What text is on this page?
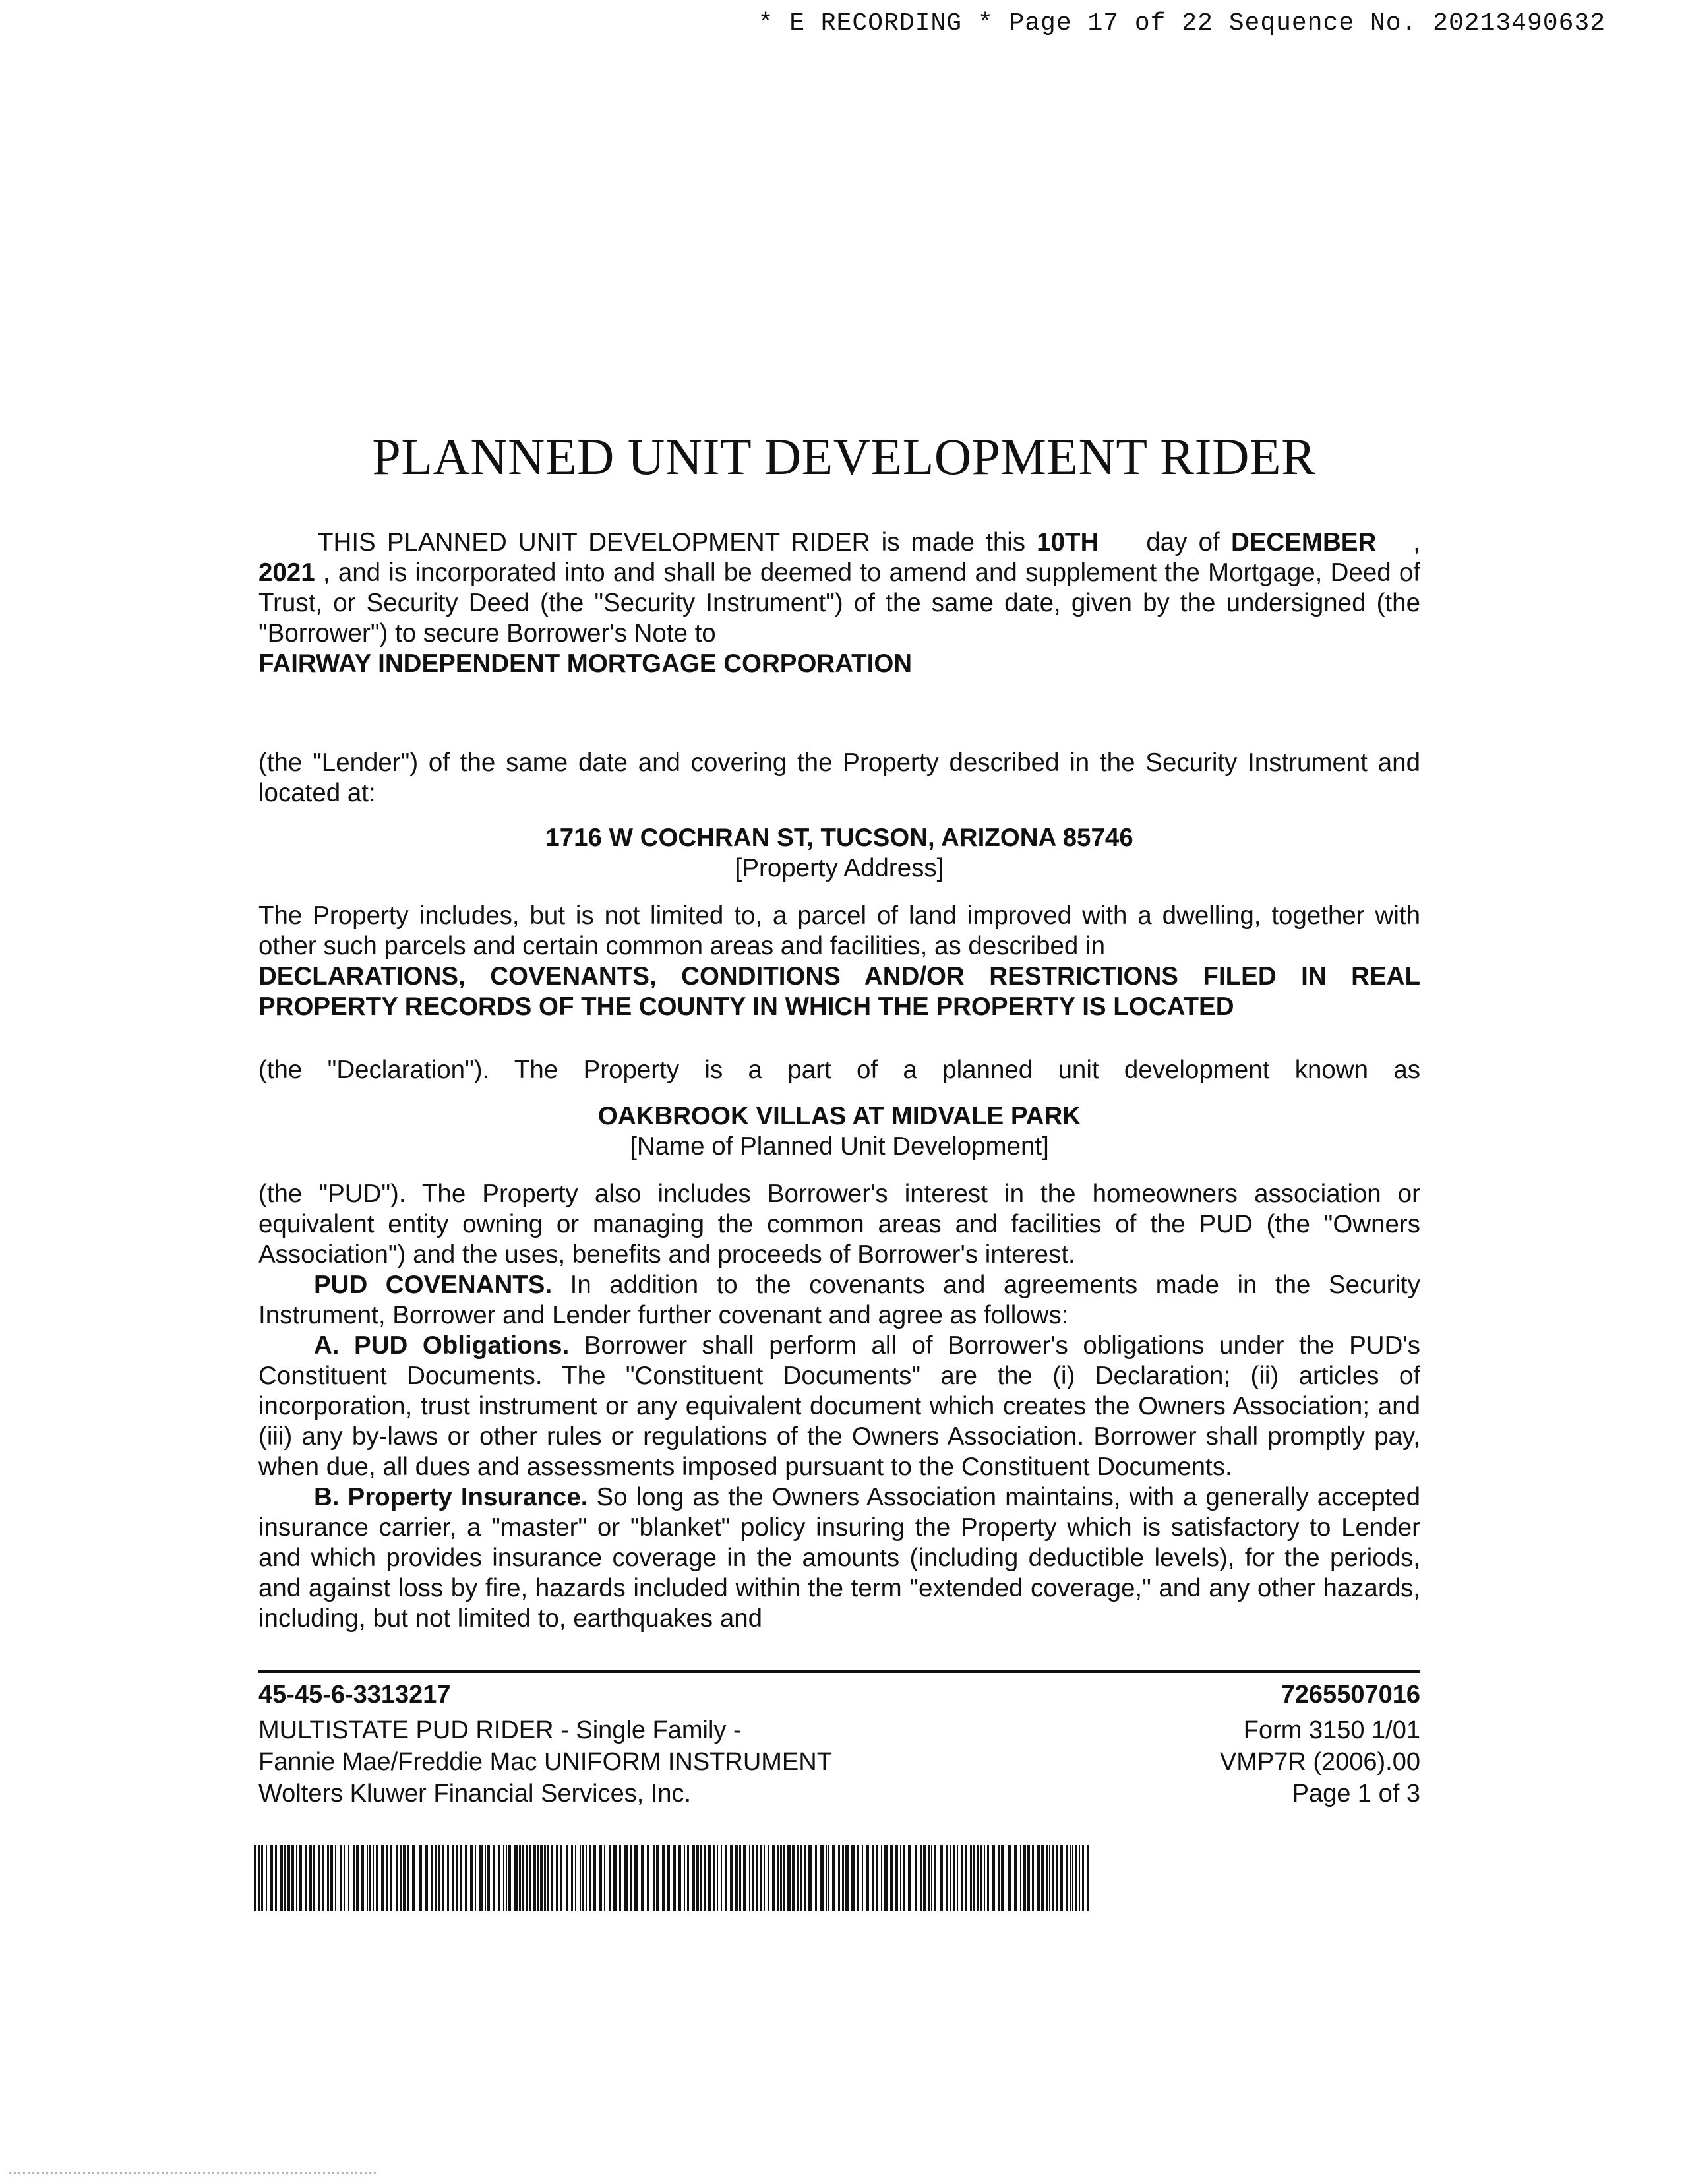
* E RECORDING * Page 17 of 22 Sequence No. 20213490632
PLANNED UNIT DEVELOPMENT RIDER

THIS PLANNED UNIT DEVELOPMENT RIDER is made this 10TH day of DECEMBER , 2021 , and is incorporated into and shall be deemed to amend and supplement the Mortgage, Deed of Trust, or Security Deed (the "Security Instrument") of the same date, given by the undersigned (the "Borrower") to secure Borrower's Note to

FAIRWAY INDEPENDENT MORTGAGE CORPORATION

(the "Lender") of the same date and covering the Property described in the Security Instrument and located at:

1716 W COCHRAN ST, TUCSON, ARIZONA 85746

[Property Address]

The Property includes, but is not limited to, a parcel of land improved with a dwelling, together with other such parcels and certain common areas and facilities, as described in

DECLARATIONS, COVENANTS, CONDITIONS AND/OR RESTRICTIONS FILED IN REAL
PROPERTY RECORDS OF THE COUNTY IN WHICH THE PROPERTY IS LOCATED

(the "Declaration"). The Property is a part of a planned unit development known as

OAKBROOK VILLAS AT MIDVALE PARK

[Name of Planned Unit Development]

(the "PUD"). The Property also includes Borrower's interest in the homeowners association or equivalent entity owning or managing the common areas and facilities of the PUD (the "Owners Association") and the uses, benefits and proceeds of Borrower's interest.

PUD COVENANTS. In addition to the covenants and agreements made in the Security Instrument, Borrower and Lender further covenant and agree as follows:

A. PUD Obligations. Borrower shall perform all of Borrower's obligations under the PUD's Constituent Documents. The "Constituent Documents" are the (i) Declaration; (ii) articles of incorporation, trust instrument or any equivalent document which creates the Owners Association; and (iii) any by-laws or other rules or regulations of the Owners Association. Borrower shall promptly pay, when due, all dues and assessments imposed pursuant to the Constituent Documents.

B. Property Insurance. So long as the Owners Association maintains, with a generally accepted insurance carrier, a "master" or "blanket" policy insuring the Property which is satisfactory to Lender and which provides insurance coverage in the amounts (including deductible levels), for the periods, and against loss by fire, hazards included within the term "extended coverage," and any other hazards, including, but not limited to, earthquakes and

45-45-6-3313217
MULTISTATE PUD RIDER - Single Family -
Fannie Mae/Freddie Mac UNIFORM INSTRUMENT
Wolters Kluwer Financial Services, Inc.
7265507016
Form 3150 1/01
VMP7R (2006).00
Page 1 of 3
